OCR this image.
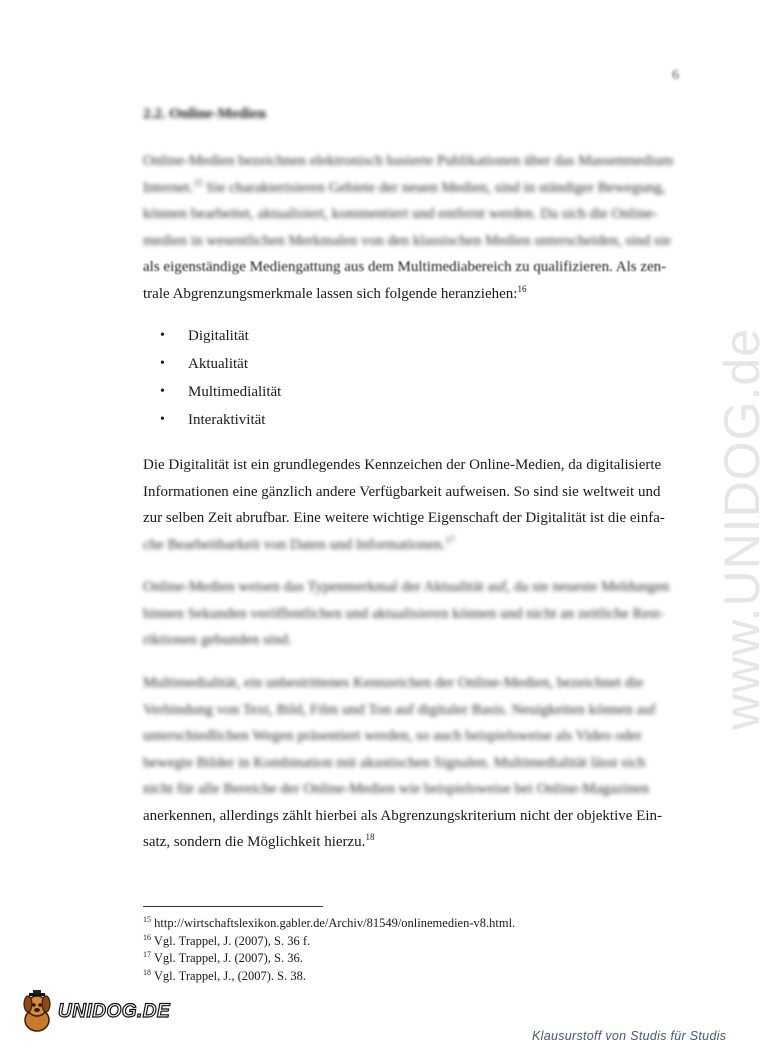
6
2.2. Online-Medien
Online-Medien bezeichnen elektronisch basierte Publikationen über das Massenmedium
Internet.$^{15}$ Sie charakterisieren Gebiete der neuen Medien, sind in ständiger Bewegung,
können bearbeitet, aktualisiert, kommentiert und entfernt werden. Da sich die Online-
medien in wesentlichen Merkmalen von den klassischen Medien unterscheiden, sind sie
als eigenständige Mediengattung aus dem Multimediabereich zu qualifizieren. Als zen-
trale Abgrenzungsmerkmale lassen sich folgende heranziehen:$^{16}$
•	Digitalität
•	Aktualität
•	Multimedialität
•	Interaktivität
Die Digitalität ist ein grundlegendes Kennzeichen der Online-Medien, da digitalisierte
Informationen eine gänzlich andere Verfügbarkeit aufweisen. So sind sie weltweit und
zur selben Zeit abrufbar. Eine weitere wichtige Eigenschaft der Digitalität ist die einfa-
che Bearbeitbarkeit von Daten und Informationen.$^{17}$
Online-Medien weisen das Typenmerkmal der Aktualität auf, da sie neueste Meldungen
binnen Sekunden veröffentlichen und aktualisieren können und nicht an zeitliche Rest-
riktionen gebunden sind.
Multimedialität, ein unbestrittenes Kennzeichen der Online-Medien, bezeichnet die
Verbindung von Text, Bild, Film und Ton auf digitaler Basis. Neuigkeiten können auf
unterschiedlichen Wegen präsentiert werden, so auch beispielsweise als Video oder
bewegte Bilder in Kombination mit akustischen Signalen. Multimedialität lässt sich
nicht für alle Bereiche der Online-Medien wie beispielsweise bei Online-Magazinen
anerkennen, allerdings zählt hierbei als Abgrenzungskriterium nicht der objektive Ein-
satz, sondern die Möglichkeit hierzu.$^{18}$
$^{15}$ http://wirtschaftslexikon.gabler.de/Archiv/81549/onlinemedien-v8.html.
$^{16}$ Vgl. Trappel, J. (2007), S. 36 f.
$^{17}$ Vgl. Trappel, J. (2007), S. 36.
$^{18}$ Vgl. Trappel, J., (2007). S. 38.
www.UNIDOG.de
UNIDOG.DE
Klausurstoff von Studis für Studis
